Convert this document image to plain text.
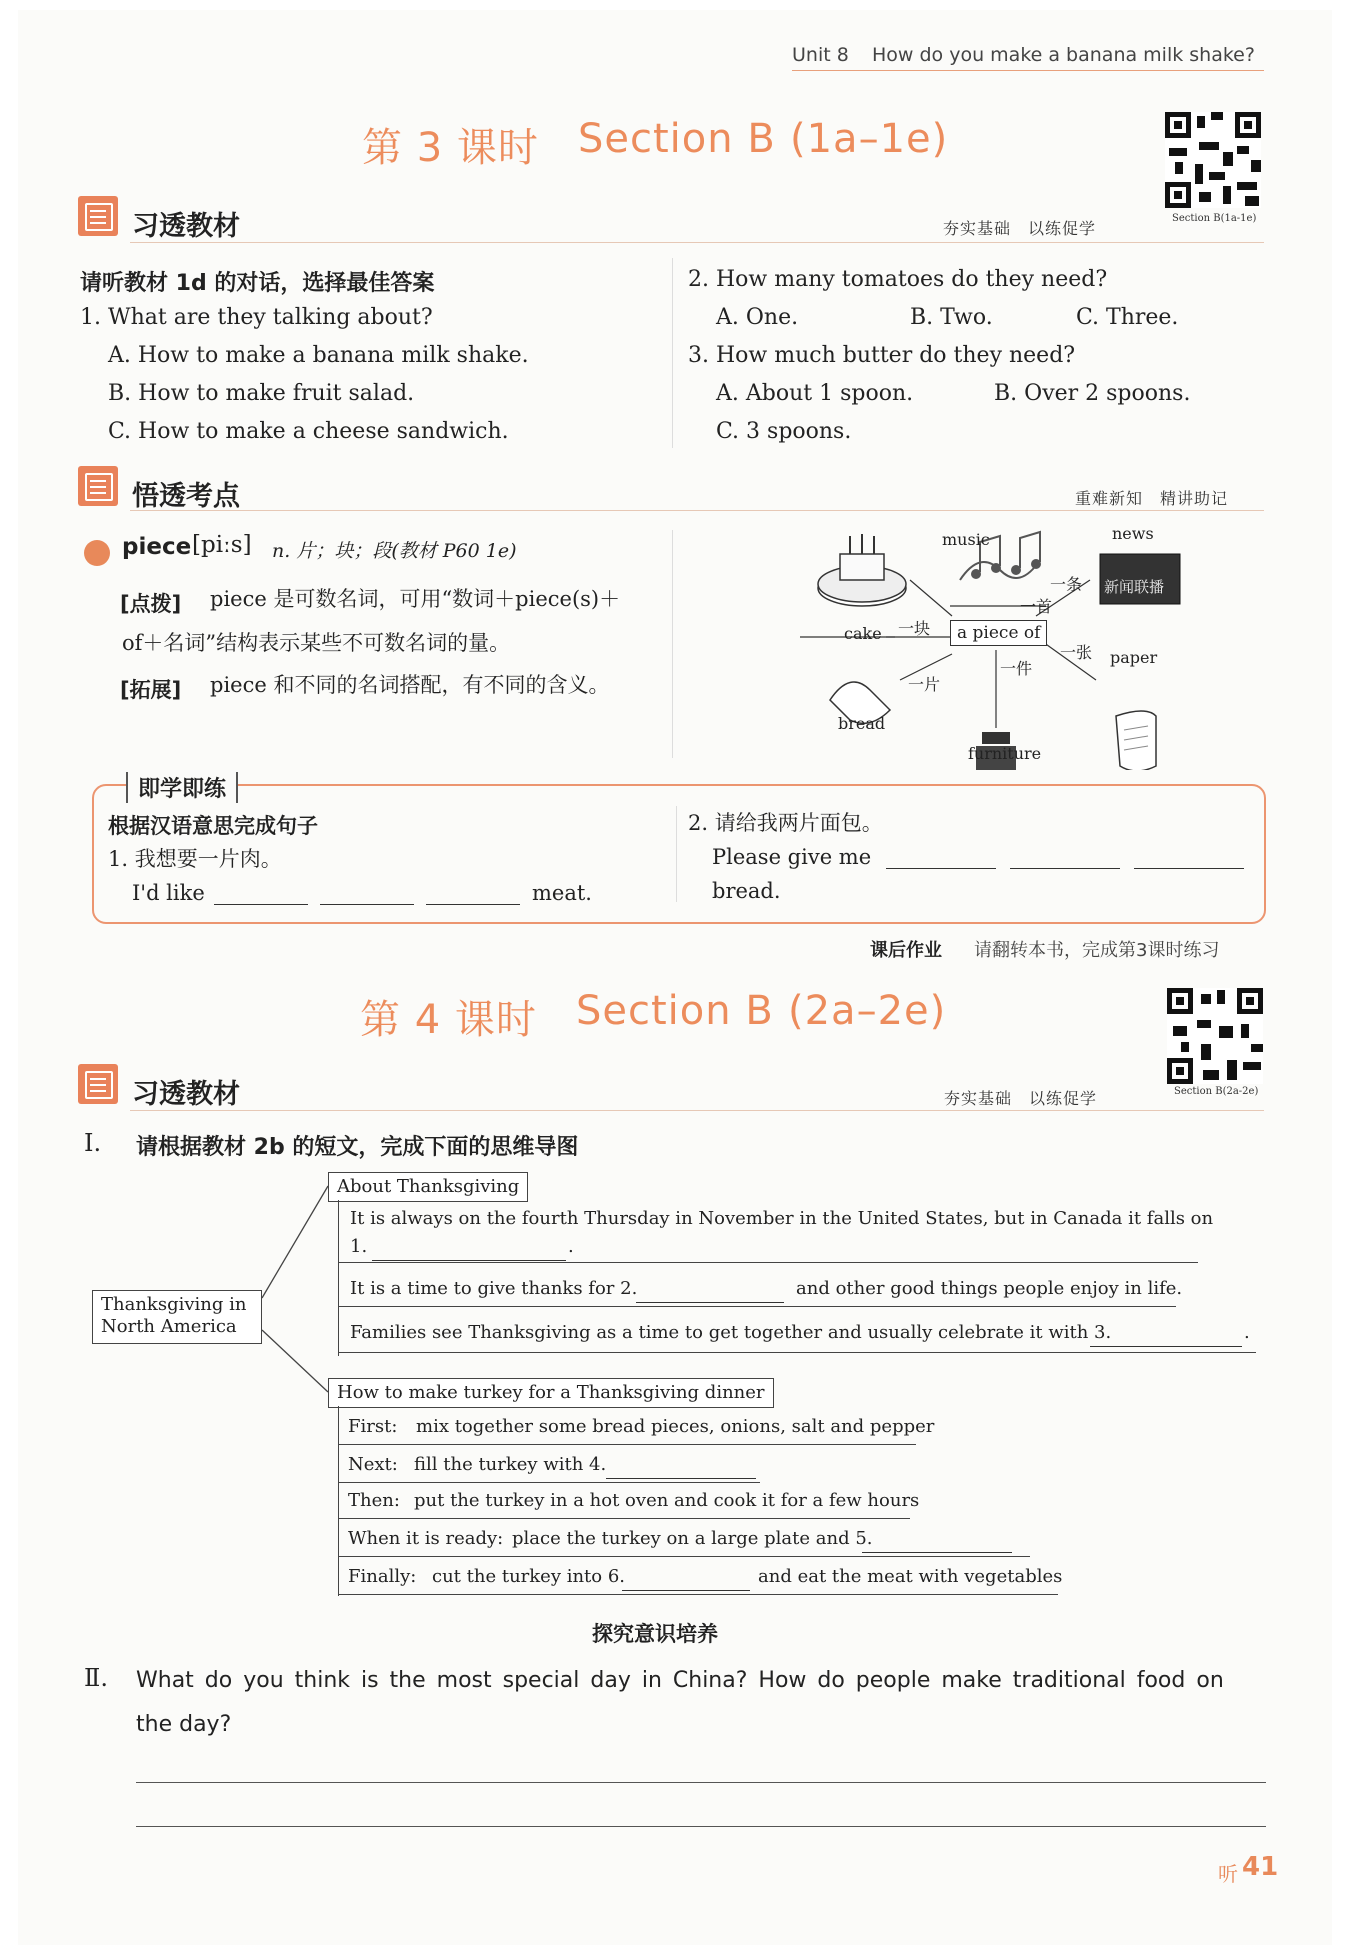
Unit 8 How do you make a banana milk shake?
第 3 课时 Section B (1a–1e)
Section B(1a-1e)
习透教材	夯实基础　以练促学
请听教材 1d 的对话，选择最佳答案
1. What are they talking about?
A. How to make a banana milk shake.
B. How to make fruit salad.
C. How to make a cheese sandwich.
2. How many tomatoes do they need?
A. One.	B. Two.	C. Three.
3. How much butter do they need?
A. About 1 spoon.	B. Over 2 spoons.
C. 3 spoons.
悟透考点	重难新知　精讲助记
piece [piːs] n. 片；块；段(教材 P60 1e)
[点拨] piece 是可数名词，可用“数词＋piece(s)＋
of＋名词”结构表示某些不可数名词的量。
[拓展] piece 和不同的名词搭配，有不同的含义。
a piece of
music
一首
news
一条 新闻联播
cake 一块
paper
一张
bread
一片
furniture
一件
即学即练
根据汉语意思完成句子
1. 我想要一片肉。
I'd like	meat.
2. 请给我两片面包。
Please give me
bread.
课后作业 请翻转本书，完成第3课时练习
第 4 课时 Section B (2a–2e)
Section B(2a-2e)
习透教材	夯实基础　以练促学
Ⅰ. 请根据教材 2b 的短文，完成下面的思维导图
Thanksgiving in
North America
About Thanksgiving
It is always on the fourth Thursday in November in the United States, but in Canada it falls on
1.	.
It is a time to give thanks for 2.	and other good things people enjoy in life.
Families see Thanksgiving as a time to get together and usually celebrate it with 3.	.
How to make turkey for a Thanksgiving dinner
First: mix together some bread pieces, onions, salt and pepper
Next: fill the turkey with 4.
Then: put the turkey in a hot oven and cook it for a few hours
When it is ready: place the turkey on a large plate and 5.
Finally: cut the turkey into 6.	and eat the meat with vegetables
探究意识培养
Ⅱ. What do you think is the most special day in China? How do people make traditional food on
the day?
听 41
